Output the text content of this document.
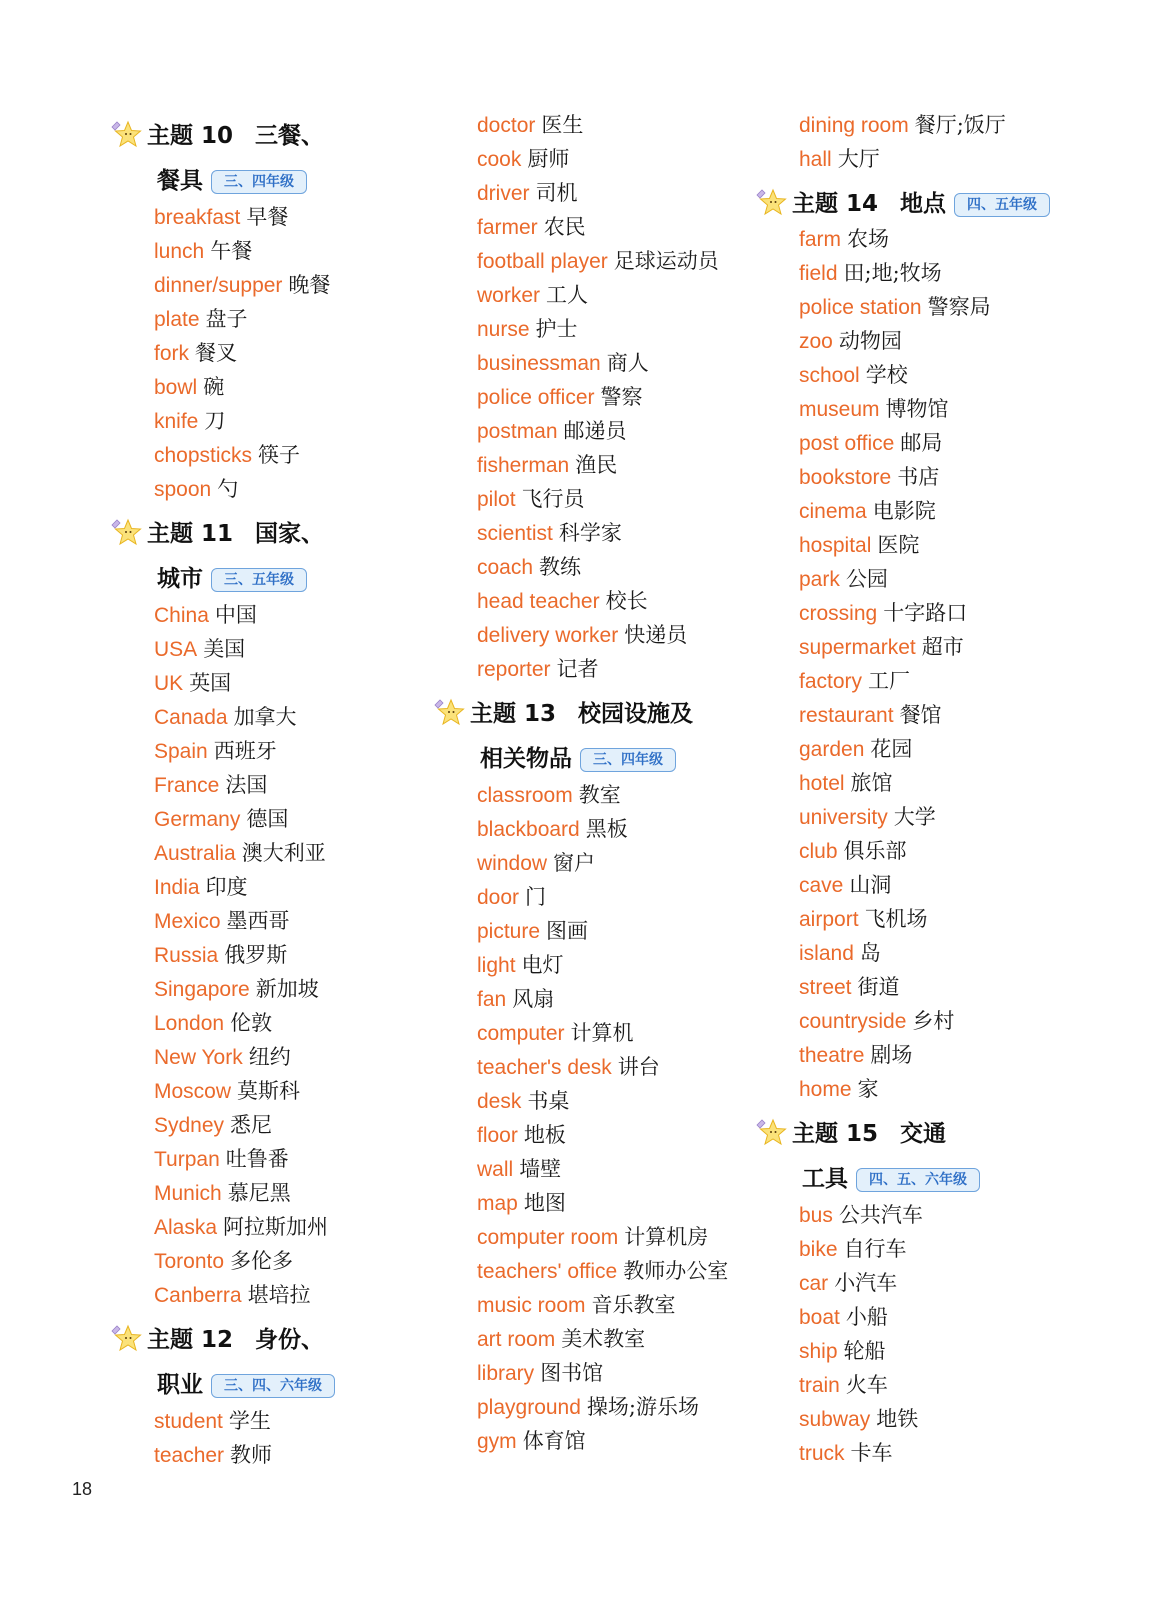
主题 10 三餐、
餐具 三、四年级
breakfast 早餐
lunch 午餐
dinner/supper 晚餐
plate 盘子
fork 餐叉
bowl 碗
knife 刀
chopsticks 筷子
spoon 勺
主题 11 国家、
城市 三、五年级
China 中国
USA 美国
UK 英国
Canada 加拿大
Spain 西班牙
France 法国
Germany 德国
Australia 澳大利亚
India 印度
Mexico 墨西哥
Russia 俄罗斯
Singapore 新加坡
London 伦敦
New York 纽约
Moscow 莫斯科
Sydney 悉尼
Turpan 吐鲁番
Munich 慕尼黑
Alaska 阿拉斯加州
Toronto 多伦多
Canberra 堪培拉
主题 12 身份、
职业 三、四、六年级
student 学生
teacher 教师
doctor 医生
cook 厨师
driver 司机
farmer 农民
football player 足球运动员
worker 工人
nurse 护士
businessman 商人
police officer 警察
postman 邮递员
fisherman 渔民
pilot 飞行员
scientist 科学家
coach 教练
head teacher 校长
delivery worker 快递员
reporter 记者
主题 13 校园设施及
相关物品 三、四年级
classroom 教室
blackboard 黑板
window 窗户
door 门
picture 图画
light 电灯
fan 风扇
computer 计算机
teacher's desk 讲台
desk 书桌
floor 地板
wall 墙壁
map 地图
computer room 计算机房
teachers' office 教师办公室
music room 音乐教室
art room 美术教室
library 图书馆
playground 操场;游乐场
gym 体育馆
dining room 餐厅;饭厅
hall 大厅
主题 14 地点 四、五年级
farm 农场
field 田;地;牧场
police station 警察局
zoo 动物园
school 学校
museum 博物馆
post office 邮局
bookstore 书店
cinema 电影院
hospital 医院
park 公园
crossing 十字路口
supermarket 超市
factory 工厂
restaurant 餐馆
garden 花园
hotel 旅馆
university 大学
club 俱乐部
cave 山洞
airport 飞机场
island 岛
street 街道
countryside 乡村
theatre 剧场
home 家
主题 15 交通
工具 四、五、六年级
bus 公共汽车
bike 自行车
car 小汽车
boat 小船
ship 轮船
train 火车
subway 地铁
truck 卡车
18
